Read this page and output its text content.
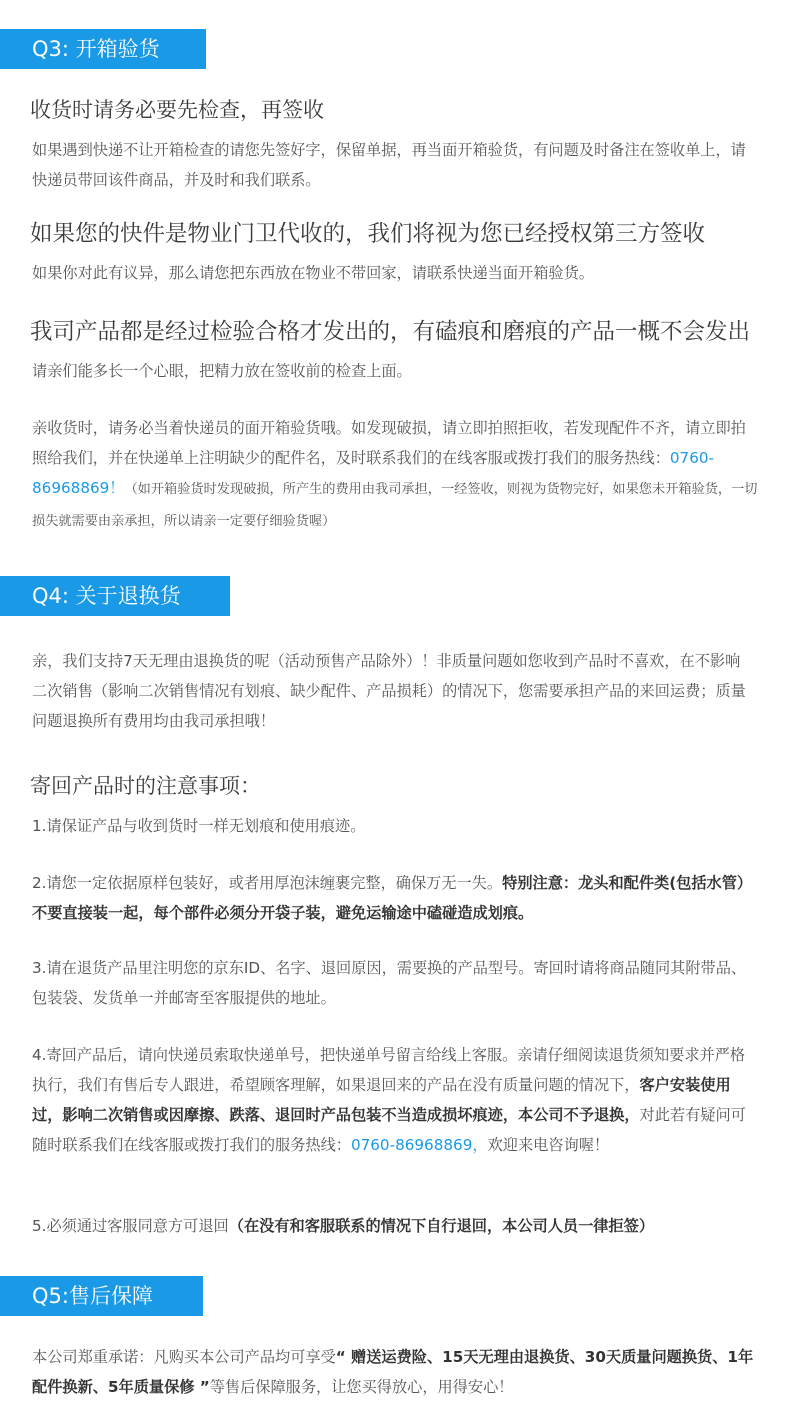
Q3: 开箱验货
收货时请务必要先检查，再签收
如果遇到快递不让开箱检查的请您先签好字，保留单据，再当面开箱验货，有问题及时备注在签收单上，请快递员带回该件商品，并及时和我们联系。
如果您的快件是物业门卫代收的，我们将视为您已经授权第三方签收
如果你对此有议异，那么请您把东西放在物业不带回家，请联系快递当面开箱验货。
我司产品都是经过检验合格才发出的，有磕痕和磨痕的产品一概不会发出
请亲们能多长一个心眼，把精力放在签收前的检查上面。
亲收货时，请务必当着快递员的面开箱验货哦。如发现破损，请立即拍照拒收，若发现配件不齐，请立即拍照给我们，并在快递单上注明缺少的配件名，及时联系我们的在线客服或拨打我们的服务热线：0760-86968869！（如开箱验货时发现破损，所产生的费用由我司承担，一经签收，则视为货物完好，如果您未开箱验货，一切损失就需要由亲承担，所以请亲一定要仔细验货喔）
Q4: 关于退换货
亲，我们支持7天无理由退换货的呢（活动预售产品除外）！非质量问题如您收到产品时不喜欢，在不影响二次销售（影响二次销售情况有划痕、缺少配件、产品损耗）的情况下，您需要承担产品的来回运费；质量问题退换所有费用均由我司承担哦！
寄回产品时的注意事项：
1.请保证产品与收到货时一样无划痕和使用痕迹。
2.请您一定依据原样包装好，或者用厚泡沫缠裹完整，确保万无一失。特别注意：龙头和配件类(包括水管）不要直接装一起，每个部件必须分开袋子装，避免运输途中磕碰造成划痕。
3.请在退货产品里注明您的京东ID、名字、退回原因，需要换的产品型号。寄回时请将商品随同其附带品、包装袋、发货单一并邮寄至客服提供的地址。
4.寄回产品后，请向快递员索取快递单号，把快递单号留言给线上客服。亲请仔细阅读退货须知要求并严格执行，我们有售后专人跟进，希望顾客理解，如果退回来的产品在没有质量问题的情况下，客户安装使用过，影响二次销售或因摩擦、跌落、退回时产品包装不当造成损坏痕迹，本公司不予退换，对此若有疑问可随时联系我们在线客服或拨打我们的服务热线：0760-86968869，欢迎来电咨询喔！
5.必须通过客服同意方可退回（在没有和客服联系的情况下自行退回，本公司人员一律拒签）
Q5:售后保障
本公司郑重承诺：凡购买本公司产品均可享受“ 赠送运费险、15天无理由退换货、30天质量问题换货、1年配件换新、5年质量保修 ”等售后保障服务，让您买得放心，用得安心！
